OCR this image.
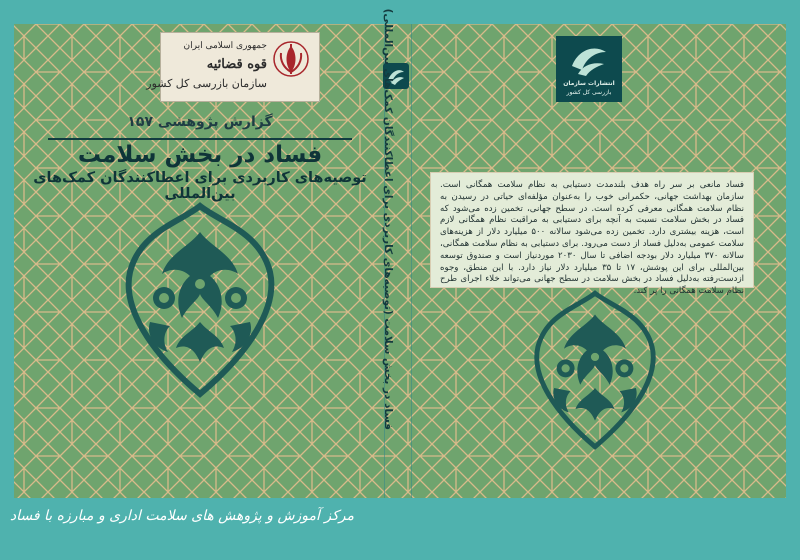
جمهوری اسلامی ایران
قوه قضائیه
سازمان بازرسی کل کشور
گزارش پژوهشی ۱۵۷
فساد در بخش سلامت
توصیه‌های کاربردی برای اعطاکنندگان کمک‌های بین‌المللی
مرکز آموزش و پژوهش های سلامت اداری و مبارزه با فساد
فساد در بخش سلامت (توصیه‌های کاربردی برای اعطاکنندگان کمک‌های بین‌المللی)	انتشارات سازمان
بازرسی کل کشور

فساد مانعی بر سر راه هدف بلندمدت دستیابی به نظام سلامت همگانی است. سازمان بهداشت جهانی، حکمرانی خوب را به‌عنوان مؤلفه‌ای حیاتی در رسیدن به نظام سلامت همگانی معرفی کرده است. در سطح جهانی، تخمین زده می‌شود که فساد در بخش سلامت نسبت به آنچه برای دستیابی به مراقبت نظام همگانی لازم است، هزینه بیشتری دارد. تخمین زده می‌شود سالانه ۵۰۰ میلیارد دلار از هزینه‌های سلامت عمومی به‌دلیل فساد از دست می‌رود. برای دستیابی به نظام سلامت همگانی، سالانه ۳۷۰ میلیارد دلار بودجه اضافی تا سال ۲۰۳۰ موردنیاز است و صندوق توسعه بین‌المللی برای این پوشش، ۱۷ تا ۳۵ میلیارد دلار نیاز دارد. با این منطق، وجوه ازدست‌رفته به‌دلیل فساد در بخش سلامت در سطح جهانی می‌تواند خلاء اجرای طرح نظام سلامت همگانی را پر کند.
